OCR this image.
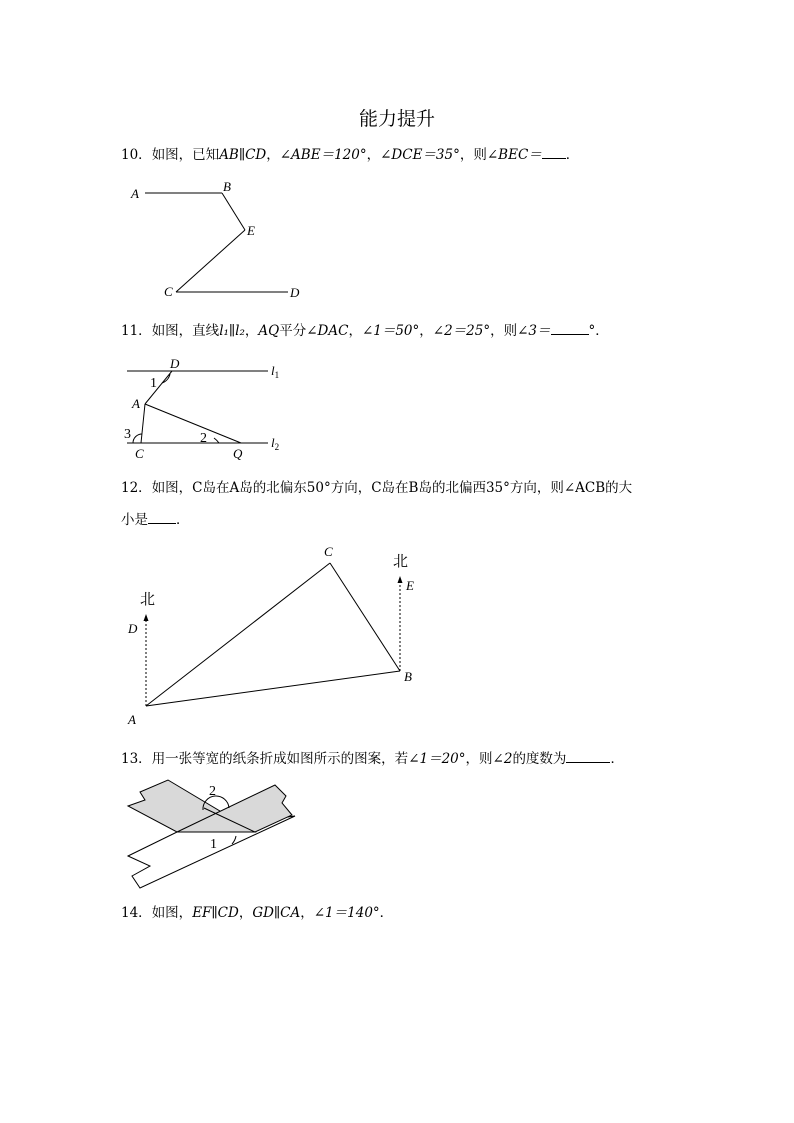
能力提升
10．如图，已知AB∥CD，∠ABE＝120°，∠DCE＝35°，则∠BEC＝ ．
A	B
E
C	D
11．如图，直线l₁∥l₂，AQ平分∠DAC，∠1＝50°，∠2＝25°，则∠3＝	°．
D
1
A
3	2
C	Q
$l_1$
$l_2$
12．如图，C岛在A岛的北偏东50°方向，C岛在B岛的北偏西35°方向，则∠ACB的大
小是 ．
北
北
D
E
C
B
A
13．用一张等宽的纸条折成如图所示的图案，若∠1＝20°，则∠2的度数为	．
2
1
14．如图，EF∥CD，GD∥CA，∠1＝140°．
